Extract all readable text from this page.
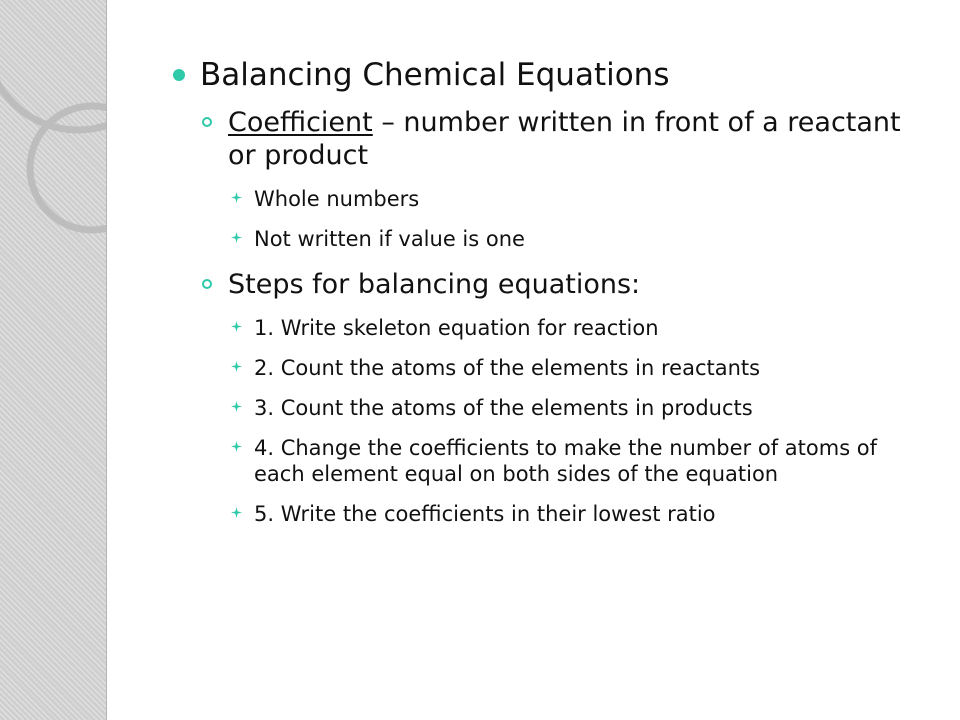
Balancing Chemical Equations
Coefficient – number written in front of a reactant or product
Whole numbers
Not written if value is one
Steps for balancing equations:
1. Write skeleton equation for reaction
2. Count the atoms of the elements in reactants
3. Count the atoms of the elements in products
4. Change the coefficients to make the number of atoms of each element equal on both sides of the equation
5. Write the coefficients in their lowest ratio
